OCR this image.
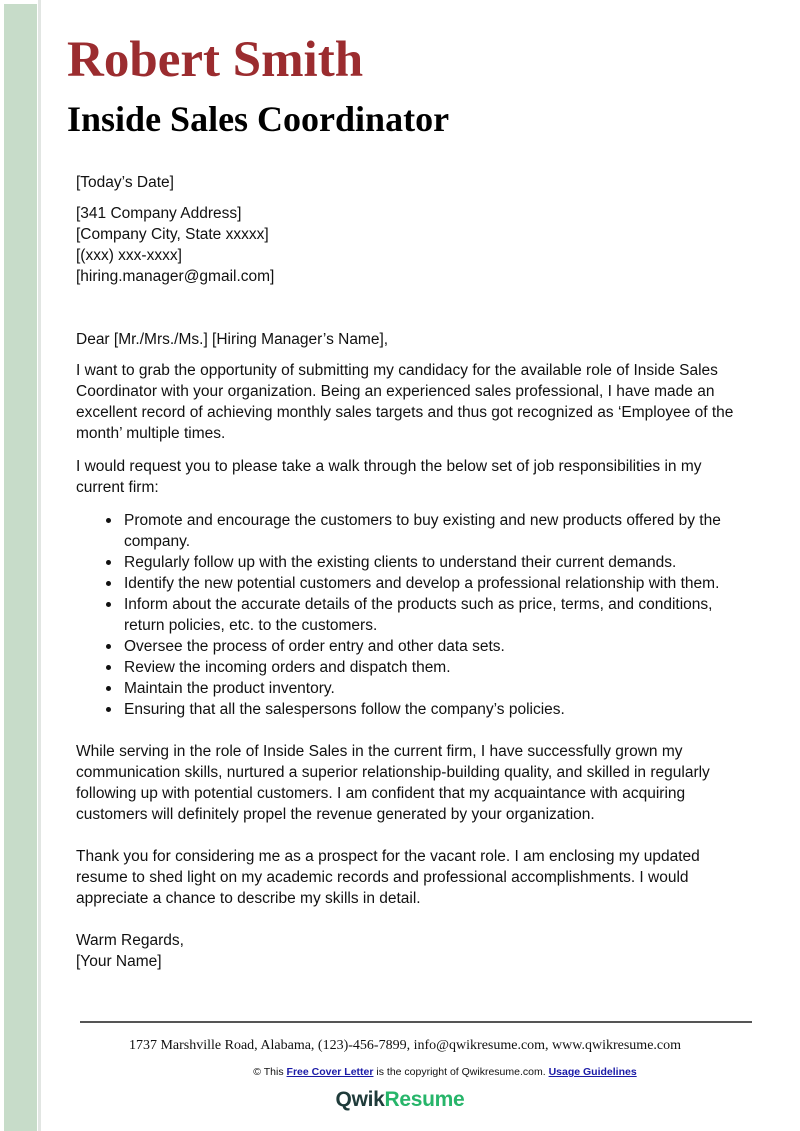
Robert Smith
Inside Sales Coordinator

[Today’s Date]

[341 Company Address]

[Company City, State xxxxx]

[(xxx) xxx-xxxx]

[hiring.manager@gmail.com]

Dear [Mr./Mrs./Ms.] [Hiring Manager’s Name],

I want to grab the opportunity of submitting my candidacy for the available role of Inside Sales Coordinator with your organization. Being an experienced sales professional, I have made an excellent record of achieving monthly sales targets and thus got recognized as ‘Employee of the month’ multiple times.

I would request you to please take a walk through the below set of job responsibilities in my current firm:

Promote and encourage the customers to buy existing and new products offered by the company.
Regularly follow up with the existing clients to understand their current demands.
Identify the new potential customers and develop a professional relationship with them.
Inform about the accurate details of the products such as price, terms, and conditions, return policies, etc. to the customers.
Oversee the process of order entry and other data sets.
Review the incoming orders and dispatch them.
Maintain the product inventory.
Ensuring that all the salespersons follow the company’s policies.

While serving in the role of Inside Sales in the current firm, I have successfully grown my communication skills, nurtured a superior relationship-building quality, and skilled in regularly following up with potential customers. I am confident that my acquaintance with acquiring customers will definitely propel the revenue generated by your organization.

Thank you for considering me as a prospect for the vacant role. I am enclosing my updated resume to shed light on my academic records and professional accomplishments. I would appreciate a chance to describe my skills in detail.

Warm Regards,

[Your Name]

1737 Marshville Road, Alabama, (123)-456-7899, info@qwikresume.com, www.qwikresume.com
© This Free Cover Letter is the copyright of Qwikresume.com. Usage Guidelines
QwikResume
